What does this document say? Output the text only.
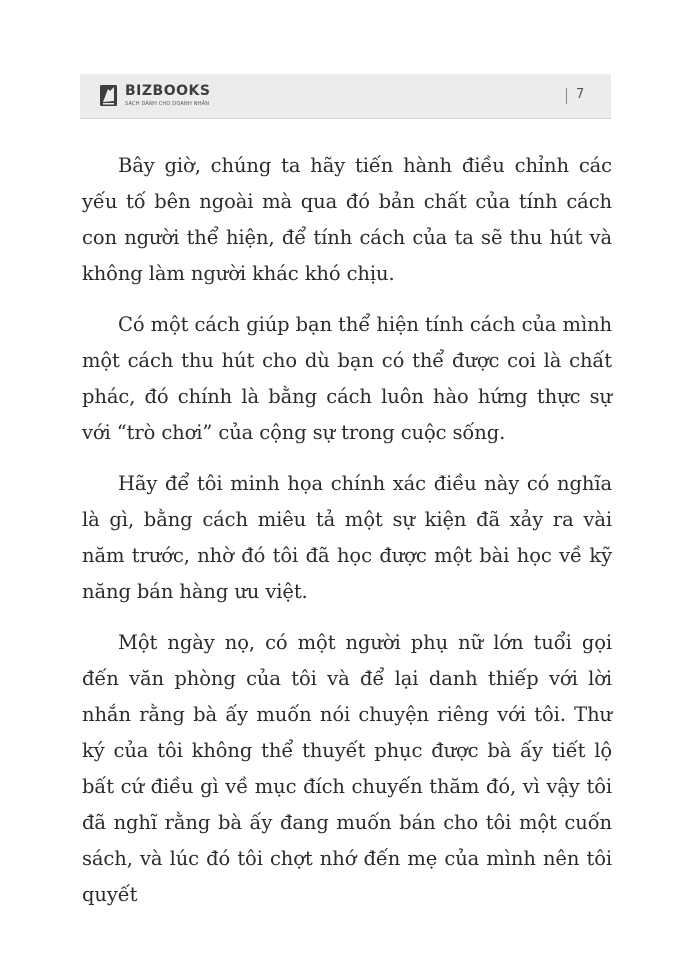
BIZBOOKS
SÁCH DÀNH CHO DOANH NHÂN
7

Bây giờ, chúng ta hãy tiến hành điều chỉnh các yếu tố bên ngoài mà qua đó bản chất của tính cách con người thể hiện, để tính cách của ta sẽ thu hút và không làm người khác khó chịu.

Có một cách giúp bạn thể hiện tính cách của mình một cách thu hút cho dù bạn có thể được coi là chất phác, đó chính là bằng cách luôn hào hứng thực sự với “trò chơi” của cộng sự trong cuộc sống.

Hãy để tôi minh họa chính xác điều này có nghĩa là gì, bằng cách miêu tả một sự kiện đã xảy ra vài năm trước, nhờ đó tôi đã học được một bài học về kỹ năng bán hàng ưu việt.

Một ngày nọ, có một người phụ nữ lớn tuổi gọi đến văn phòng của tôi và để lại danh thiếp với lời nhắn rằng bà ấy muốn nói chuyện riêng với tôi. Thư ký của tôi không thể thuyết phục được bà ấy tiết lộ bất cứ điều gì về mục đích chuyến thăm đó, vì vậy tôi đã nghĩ rằng bà ấy đang muốn bán cho tôi một cuốn sách, và lúc đó tôi chợt nhớ đến mẹ của mình nên tôi quyết
